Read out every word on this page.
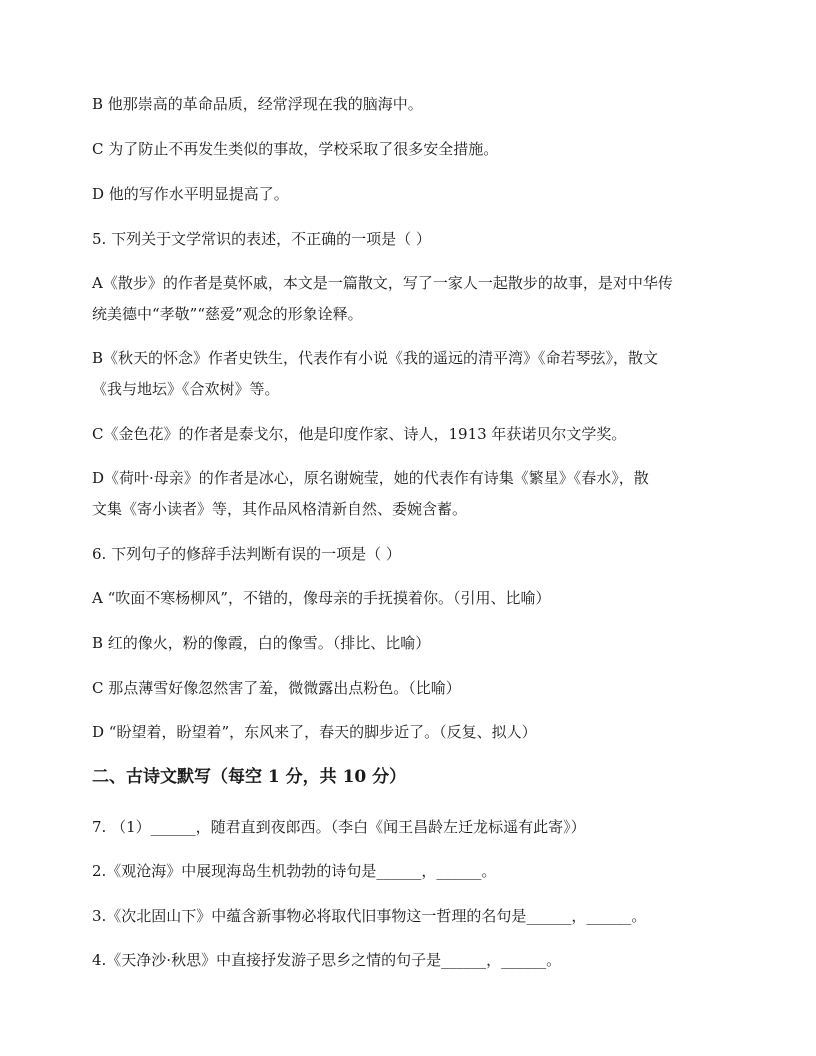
B 他那崇高的革命品质，经常浮现在我的脑海中。
C 为了防止不再发生类似的事故，学校采取了很多安全措施。
D 他的写作水平明显提高了。
5. 下列关于文学常识的表述，不正确的一项是（ ）
A《散步》的作者是莫怀戚，本文是一篇散文，写了一家人一起散步的故事，是对中华传
统美德中“孝敬”“慈爱”观念的形象诠释。
B《秋天的怀念》作者史铁生，代表作有小说《我的遥远的清平湾》《命若琴弦》，散文
《我与地坛》《合欢树》等。
C《金色花》的作者是泰戈尔，他是印度作家、诗人，1913 年获诺贝尔文学奖。
D《荷叶·母亲》的作者是冰心，原名谢婉莹，她的代表作有诗集《繁星》《春水》，散
文集《寄小读者》等，其作品风格清新自然、委婉含蓄。
6. 下列句子的修辞手法判断有误的一项是（ ）
A “吹面不寒杨柳风”，不错的，像母亲的手抚摸着你。（引用、比喻）
B 红的像火，粉的像霞，白的像雪。（排比、比喻）
C 那点薄雪好像忽然害了羞，微微露出点粉色。（比喻）
D “盼望着，盼望着”，东风来了，春天的脚步近了。（反复、拟人）
二、古诗文默写（每空 1 分，共 10 分）
7. （1）______，随君直到夜郎西。（李白《闻王昌龄左迁龙标遥有此寄》）
2.《观沧海》中展现海岛生机勃勃的诗句是______，______。
3.《次北固山下》中蕴含新事物必将取代旧事物这一哲理的名句是______，______。
4.《天净沙·秋思》中直接抒发游子思乡之情的句子是______，______。
